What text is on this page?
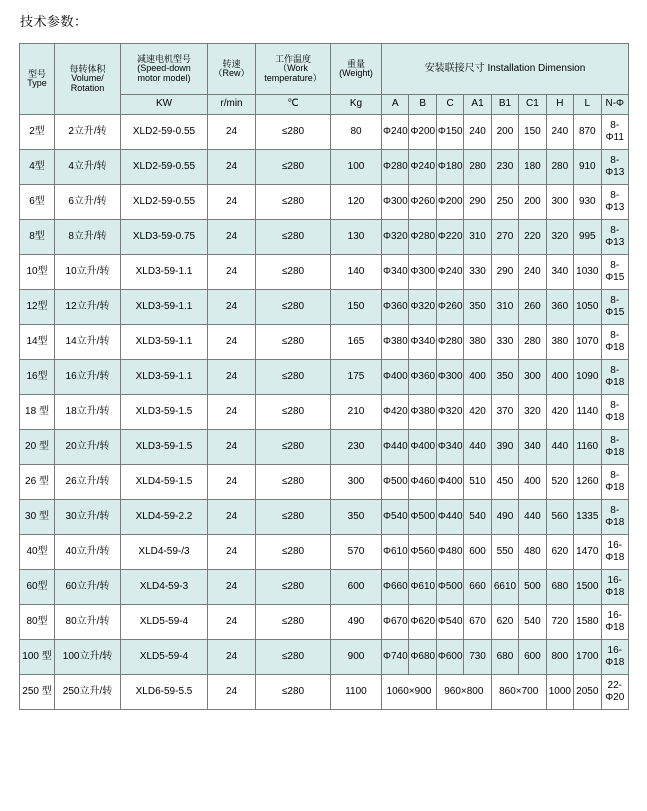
技术参数：
型号
Type	每转体积
Volume/
Rotation	减速电机型号
(Speed-down
motor model)	转速
（Rew）	工作温度
（Work
temperature）	重量
(Weight)	安装联接尺寸 Installation Dimension								
		KW	r/min	℃	Kg	A	B	C	A1	B1	C1	H	L	N-Φ
2型	2立升/转	XLD2-59-0.55	24	≤280	80	Φ240	Φ200	Φ150	240	200	150	240	870	8-Φ11
4型	4立升/转	XLD2-59-0.55	24	≤280	100	Φ280	Φ240	Φ180	280	230	180	280	910	8-Φ13
6型	6立升/转	XLD2-59-0.55	24	≤280	120	Φ300	Φ260	Φ200	290	250	200	300	930	8-Φ13
8型	8立升/转	XLD3-59-0.75	24	≤280	130	Φ320	Φ280	Φ220	310	270	220	320	995	8-Φ13
10型	10立升/转	XLD3-59-1.1	24	≤280	140	Φ340	Φ300	Φ240	330	290	240	340	1030	8-Φ15
12型	12立升/转	XLD3-59-1.1	24	≤280	150	Φ360	Φ320	Φ260	350	310	260	360	1050	8-Φ15
14型	14立升/转	XLD3-59-1.1	24	≤280	165	Φ380	Φ340	Φ280	380	330	280	380	1070	8-Φ18
16型	16立升/转	XLD3-59-1.1	24	≤280	175	Φ400	Φ360	Φ300	400	350	300	400	1090	8-Φ18
18 型	18立升/转	XLD3-59-1.5	24	≤280	210	Φ420	Φ380	Φ320	420	370	320	420	1140	8-Φ18
20 型	20立升/转	XLD3-59-1.5	24	≤280	230	Φ440	Φ400	Φ340	440	390	340	440	1160	8-Φ18
26 型	26立升/转	XLD4-59-1.5	24	≤280	300	Φ500	Φ460	Φ400	510	450	400	520	1260	8-Φ18
30 型	30立升/转	XLD4-59-2.2	24	≤280	350	Φ540	Φ500	Φ440	540	490	440	560	1335	8-Φ18
40型	40立升/转	XLD4-59-/3	24	≤280	570	Φ610	Φ560	Φ480	600	550	480	620	1470	16-Φ18
60型	60立升/转	XLD4-59-3	24	≤280	600	Φ660	Φ610	Φ500	660	6610	500	680	1500	16-Φ18
80型	80立升/转	XLD5-59-4	24	≤280	490	Φ670	Φ620	Φ540	670	620	540	720	1580	16-Φ18
100 型	100立升/转	XLD5-59-4	24	≤280	900	Φ740	Φ680	Φ600	730	680	600	800	1700	16-Φ18
250 型	250立升/转	XLD6-59-5.5	24	≤280	1100	1060×900		960×800		860×700		1000	2050	22-Φ20
